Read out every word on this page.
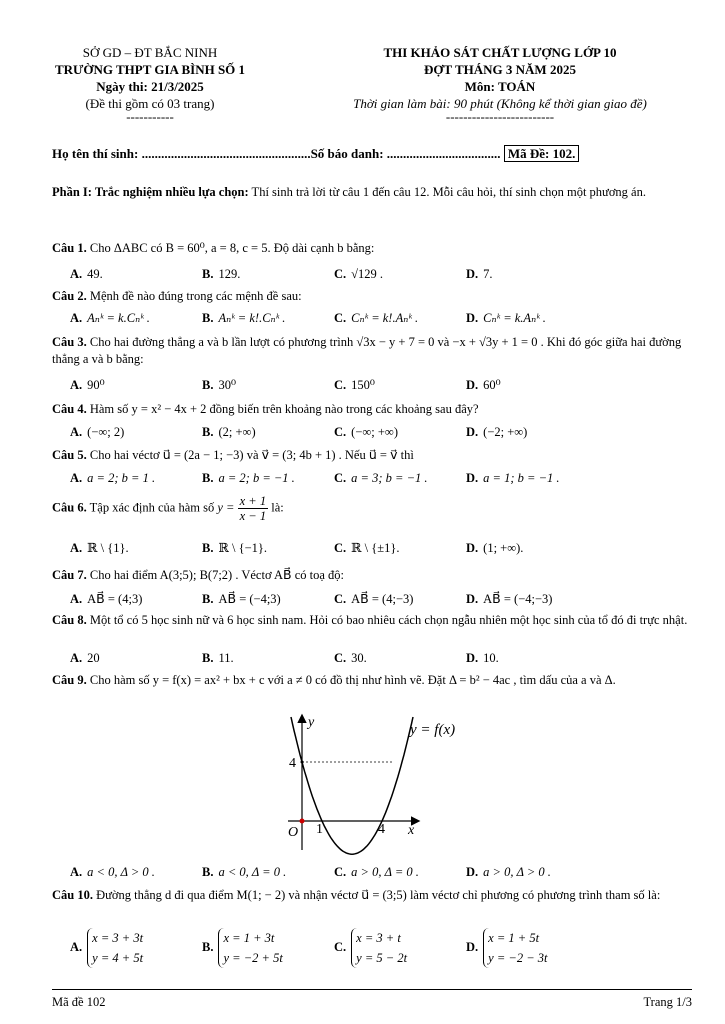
SỞ GD – ĐT BẮC NINH
TRƯỜNG THPT GIA BÌNH SỐ 1
Ngày thi: 21/3/2025
(Đề thi gồm có 03 trang)
-----------
THI KHẢO SÁT CHẤT LƯỢNG LỚP 10
ĐỢT THÁNG 3 NĂM 2025
Môn: TOÁN
Thời gian làm bài: 90 phút (Không kể thời gian giao đề)
-------------------------
Họ tên thí sinh: ....................................................Số báo danh: ................................... Mã Đề: 102.
Phần I: Trắc nghiệm nhiều lựa chọn: Thí sinh trả lời từ câu 1 đến câu 12. Mỗi câu hỏi, thí sinh chọn một phương án.
Câu 1. Cho ΔABC có B = 60⁰, a = 8, c = 5. Độ dài cạnh b bằng:
A. 49.	B. 129.	C. √129 .	D. 7.
Câu 2. Mệnh đề nào đúng trong các mệnh đề sau:
A. Aₙᵏ = k.Cₙᵏ .	B. Aₙᵏ = k!.Cₙᵏ .	C. Cₙᵏ = k!.Aₙᵏ .	D. Cₙᵏ = k.Aₙᵏ .
Câu 3. Cho hai đường thẳng a và b lần lượt có phương trình √3x − y + 7 = 0 và −x + √3y + 1 = 0 . Khi đó góc giữa hai đường thẳng a và b bằng:
A. 90⁰	B. 30⁰	C. 150⁰	D. 60⁰
Câu 4. Hàm số y = x² − 4x + 2 đồng biến trên khoảng nào trong các khoảng sau đây?
A. (−∞; 2)	B. (2; +∞)	C. (−∞; +∞)	D. (−2; +∞)
Câu 5. Cho hai véctơ u⃗ = (2a − 1; −3) và v⃗ = (3; 4b + 1) . Nếu u⃗ = v⃗ thì
A. a = 2; b = 1 .	B. a = 2; b = −1 .	C. a = 3; b = −1 .	D. a = 1; b = −1 .
Câu 6. Tập xác định của hàm số $y = \frac{x + 1}{x - 1}$ là:
A. ℝ \ {1}.	B. ℝ \ {−1}.	C. ℝ \ {±1}.	D. (1; +∞).
Câu 7. Cho hai điểm A(3;5); B(7;2) . Véctơ AB⃗ có toạ độ:
A. AB⃗ = (4;3)	B. AB⃗ = (−4;3)	C. AB⃗ = (4;−3)	D. AB⃗ = (−4;−3)
Câu 8. Một tổ có 5 học sinh nữ và 6 học sinh nam. Hỏi có bao nhiêu cách chọn ngẫu nhiên một học sinh của tổ đó đi trực nhật.
A. 20	B. 11.	C. 30.	D. 10.
Câu 9. Cho hàm số y = f(x) = ax² + bx + c với a ≠ 0 có đồ thị như hình vẽ. Đặt Δ = b² − 4ac , tìm dấu của a và Δ.
y
x
O
4
1	4
y = f(x)
A. a < 0, Δ > 0 .	B. a < 0, Δ = 0 .	C. a > 0, Δ = 0 .	D. a > 0, Δ > 0 .
Câu 10. Đường thẳng d đi qua điểm M(1; − 2) và nhận véctơ u⃗ = (3;5) làm véctơ chỉ phương có phương trình tham số là:
A.
x = 3 + 3t
y = 4 + 5t
B.
x = 1 + 3t
y = −2 + 5t
C.
x = 3 + t
y = 5 − 2t
D.
x = 1 + 5t
y = −2 − 3t
Mã đề 102	Trang 1/3
